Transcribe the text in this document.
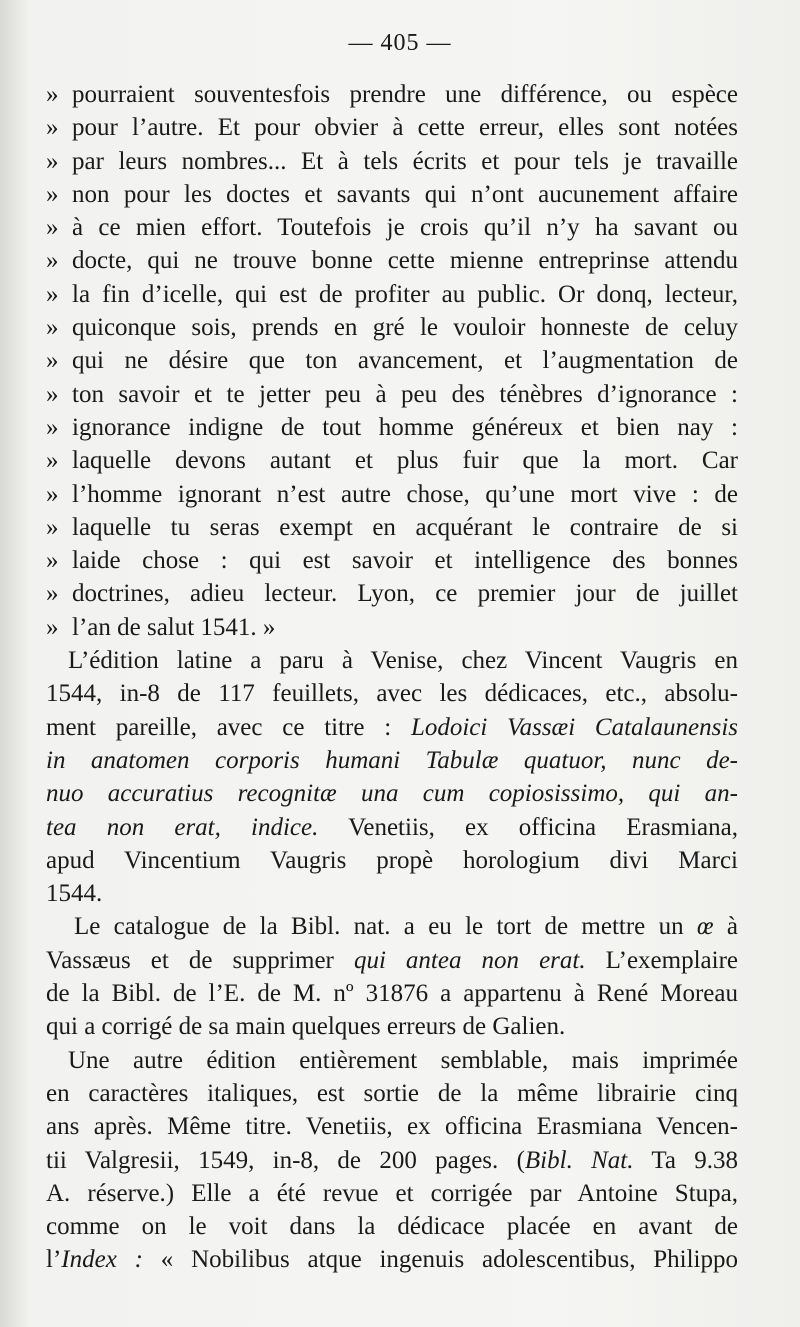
— 405 —
» pourraient souventesfois prendre une différence, ou espèce
» pour l’autre. Et pour obvier à cette erreur, elles sont notées
» par leurs nombres... Et à tels écrits et pour tels je travaille
» non pour les doctes et savants qui n’ont aucunement affaire
» à ce mien effort. Toutefois je crois qu’il n’y ha savant ou
» docte, qui ne trouve bonne cette mienne entreprinse attendu
» la fin d’icelle, qui est de profiter au public. Or donq, lecteur,
» quiconque sois, prends en gré le vouloir honneste de celuy
» qui ne désire que ton avancement, et l’augmentation de
» ton savoir et te jetter peu à peu des ténèbres d’ignorance :
» ignorance indigne de tout homme généreux et bien nay :
» laquelle devons autant et plus fuir que la mort. Car
» l’homme ignorant n’est autre chose, qu’une mort vive : de
» laquelle tu seras exempt en acquérant le contraire de si
» laide chose : qui est savoir et intelligence des bonnes
» doctrines, adieu lecteur. Lyon, ce premier jour de juillet
» l’an de salut 1541. »
L’édition latine a paru à Venise, chez Vincent Vaugris en
1544, in-8 de 117 feuillets, avec les dédicaces, etc., absolu-
ment pareille, avec ce titre : Lodoici Vassæi Catalaunensis
in anatomen corporis humani Tabulæ quatuor, nunc de-
nuo accuratius recognitæ una cum copiosissimo, qui an-
tea non erat, indice. Venetiis, ex officina Erasmiana,
apud Vincentium Vaugris propè horologium divi Marci
1544.
Le catalogue de la Bibl. nat. a eu le tort de mettre un œ à
Vassæus et de supprimer qui antea non erat. L’exemplaire
de la Bibl. de l’E. de M. nº 31876 a appartenu à René Moreau
qui a corrigé de sa main quelques erreurs de Galien.
Une autre édition entièrement semblable, mais imprimée
en caractères italiques, est sortie de la même librairie cinq
ans après. Même titre. Venetiis, ex officina Erasmiana Vencen-
tii Valgresii, 1549, in-8, de 200 pages. (Bibl. Nat. Ta 9.38
A. réserve.) Elle a été revue et corrigée par Antoine Stupa,
comme on le voit dans la dédicace placée en avant de
l’Index : « Nobilibus atque ingenuis adolescentibus, Philippo
